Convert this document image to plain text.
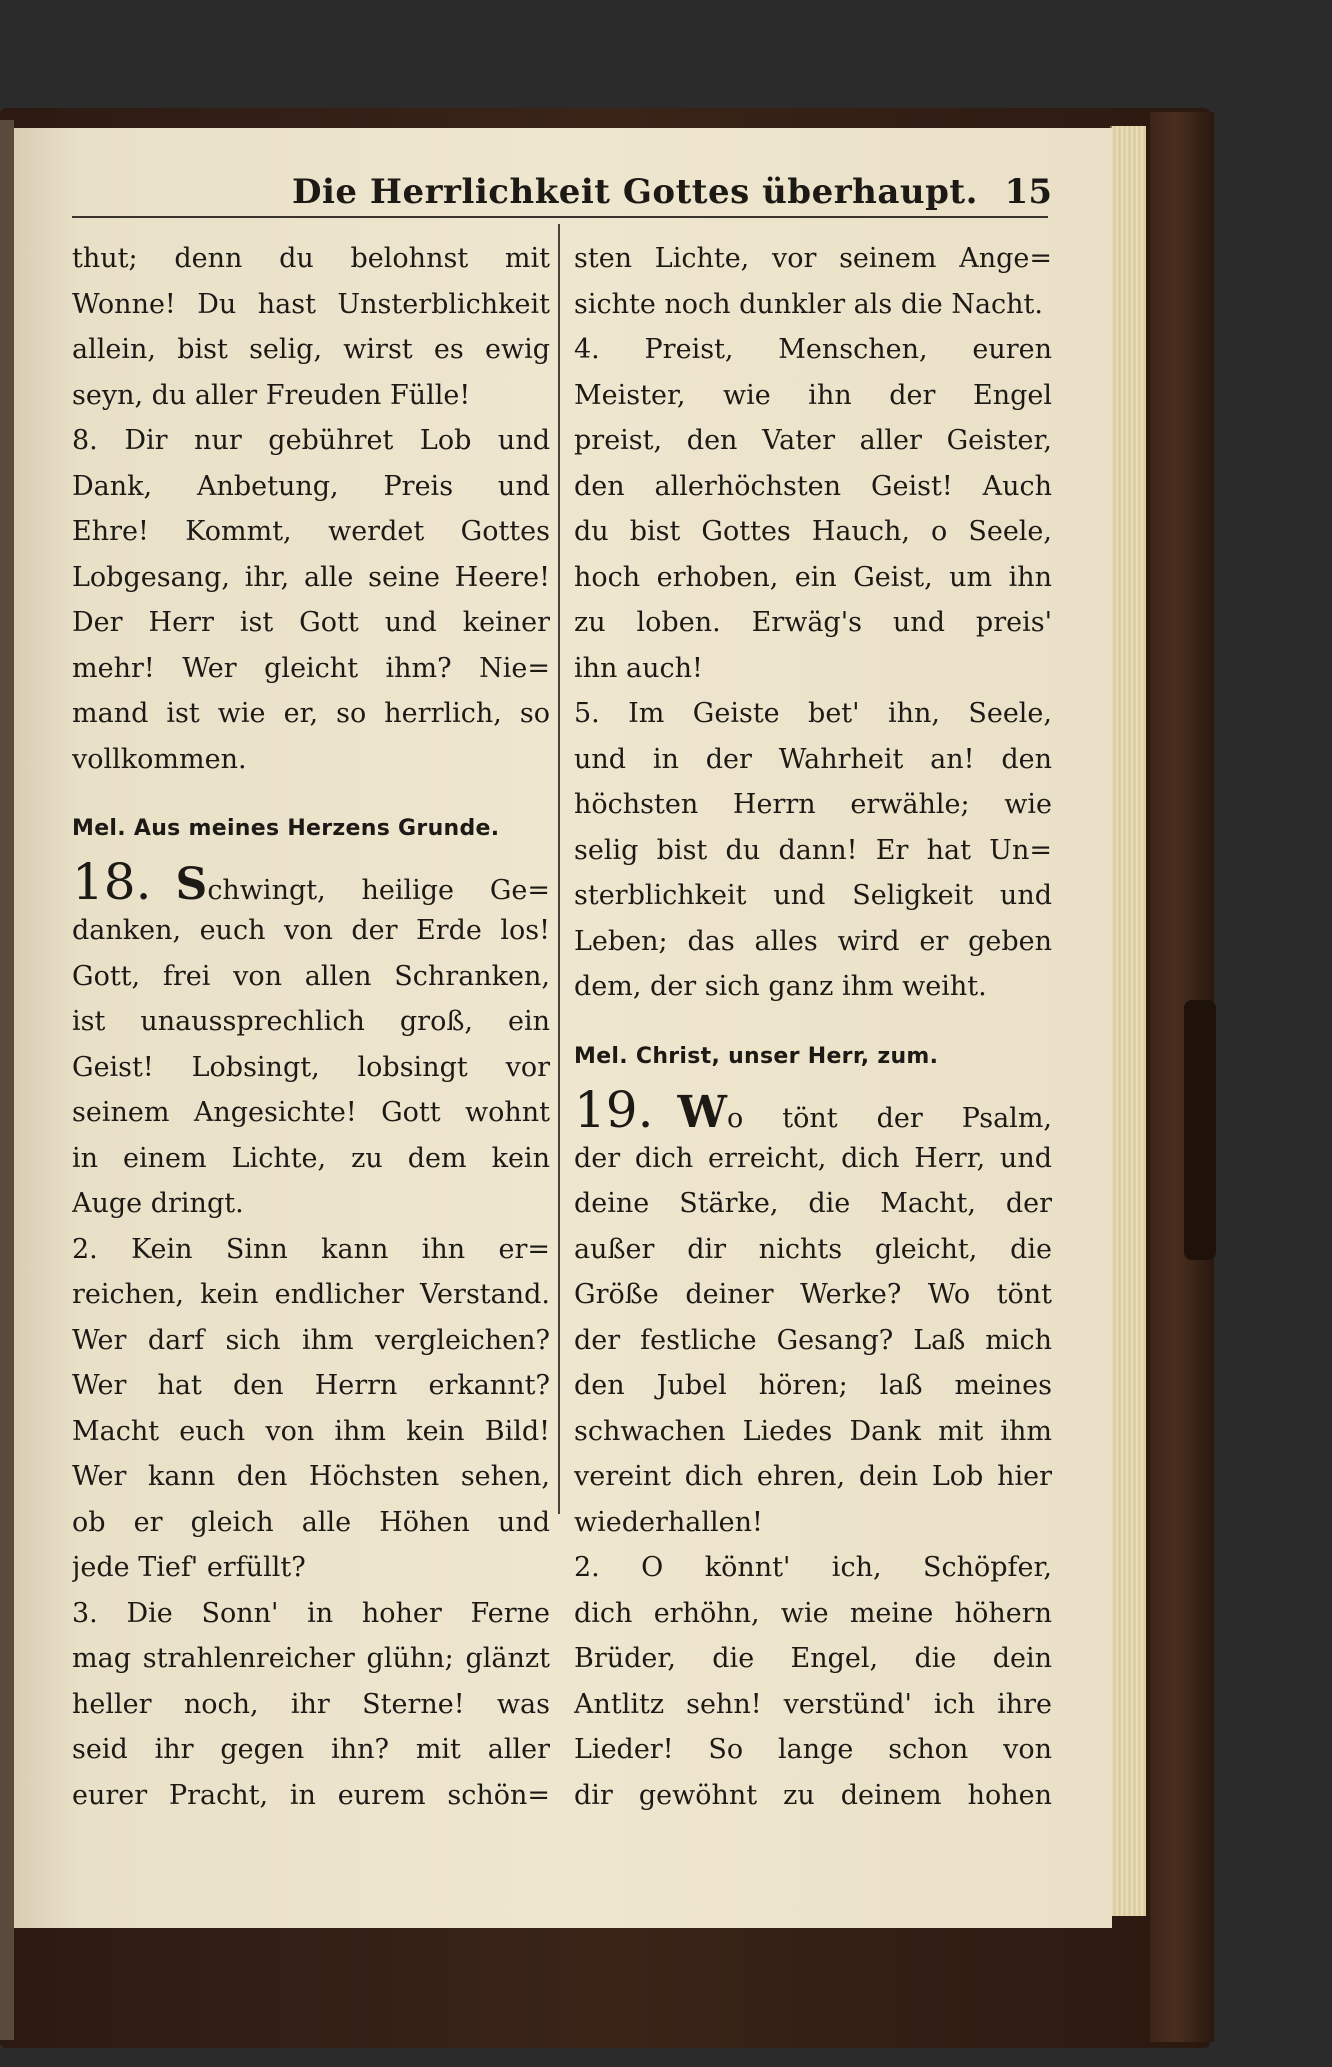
Die Herrlichkeit Gottes überhaupt. 15
thut; denn du belohnst mit
Wonne! Du hast Unsterblichkeit
allein, bist selig, wirst es ewig
seyn, du aller Freuden Fülle!
8. Dir nur gebühret Lob und
Dank, Anbetung, Preis und
Ehre! Kommt, werdet Gottes
Lobgesang, ihr, alle seine Heere!
Der Herr ist Gott und keiner
mehr! Wer gleicht ihm? Nie=
mand ist wie er, so herrlich, so
vollkommen.
Mel. Aus meines Herzens Grunde.
18. Schwingt, heilige Ge=
danken, euch von der Erde los!
Gott, frei von allen Schranken,
ist unaussprechlich groß, ein
Geist! Lobsingt, lobsingt vor
seinem Angesichte! Gott wohnt
in einem Lichte, zu dem kein
Auge dringt.
2. Kein Sinn kann ihn er=
reichen, kein endlicher Verstand.
Wer darf sich ihm vergleichen?
Wer hat den Herrn erkannt?
Macht euch von ihm kein Bild!
Wer kann den Höchsten sehen,
ob er gleich alle Höhen und
jede Tief' erfüllt?
3. Die Sonn' in hoher Ferne
mag strahlenreicher glühn; glänzt
heller noch, ihr Sterne! was
seid ihr gegen ihn? mit aller
eurer Pracht, in eurem schön=
sten Lichte, vor seinem Ange=
sichte noch dunkler als die Nacht.
4. Preist, Menschen, euren
Meister, wie ihn der Engel
preist, den Vater aller Geister,
den allerhöchsten Geist! Auch
du bist Gottes Hauch, o Seele,
hoch erhoben, ein Geist, um ihn
zu loben. Erwäg's und preis'
ihn auch!
5. Im Geiste bet' ihn, Seele,
und in der Wahrheit an! den
höchsten Herrn erwähle; wie
selig bist du dann! Er hat Un=
sterblichkeit und Seligkeit und
Leben; das alles wird er geben
dem, der sich ganz ihm weiht.
Mel. Christ, unser Herr, zum.
19. Wo tönt der Psalm,
der dich erreicht, dich Herr, und
deine Stärke, die Macht, der
außer dir nichts gleicht, die
Größe deiner Werke? Wo tönt
der festliche Gesang? Laß mich
den Jubel hören; laß meines
schwachen Liedes Dank mit ihm
vereint dich ehren, dein Lob hier
wiederhallen!
2. O könnt' ich, Schöpfer,
dich erhöhn, wie meine höhern
Brüder, die Engel, die dein
Antlitz sehn! verstünd' ich ihre
Lieder! So lange schon von
dir gewöhnt zu deinem hohen
